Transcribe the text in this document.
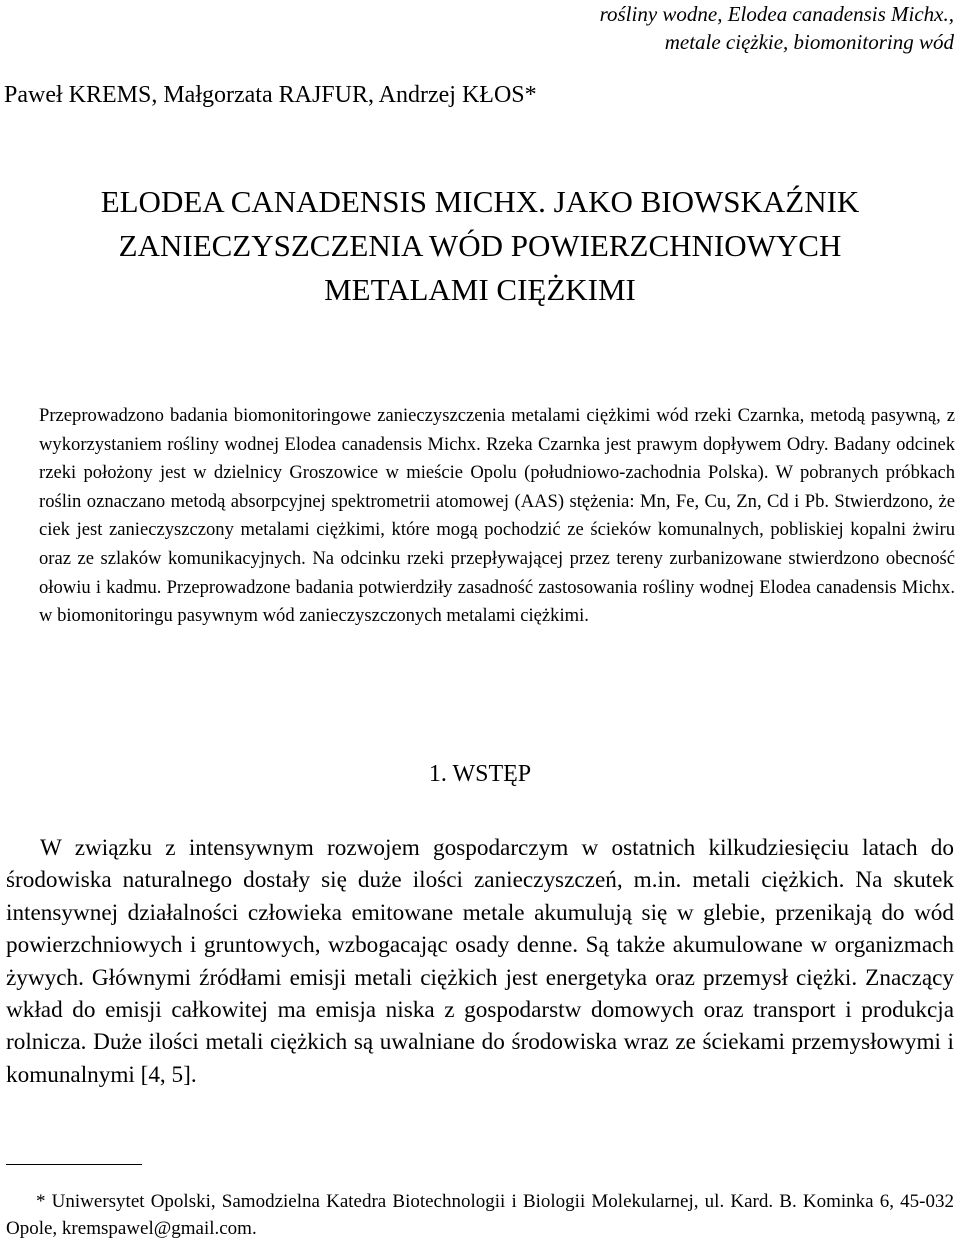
rośliny wodne, Elodea canadensis Michx.,
metale ciężkie, biomonitoring wód
Paweł KREMS, Małgorzata RAJFUR, Andrzej KŁOS*
ELODEA CANADENSIS MICHX. JAKO BIOWSKAŹNIK
ZANIECZYSZCZENIA WÓD POWIERZCHNIOWYCH
METALAMI CIĘŻKIMI

Przeprowadzono badania biomonitoringowe zanieczyszczenia metalami ciężkimi wód rzeki Czarnka, metodą pasywną, z wykorzystaniem rośliny wodnej Elodea canadensis Michx. Rzeka Czarnka jest prawym dopływem Odry. Badany odcinek rzeki położony jest w dzielnicy Groszowice w mieście Opolu (południowo-zachodnia Polska). W pobranych próbkach roślin oznaczano metodą absorpcyjnej spektrometrii atomowej (AAS) stężenia: Mn, Fe, Cu, Zn, Cd i Pb. Stwierdzono, że ciek jest zanieczyszczony metalami ciężkimi, które mogą pochodzić ze ścieków komunalnych, pobliskiej kopalni żwiru oraz ze szlaków komunikacyjnych. Na odcinku rzeki przepływającej przez tereny zurbanizowane stwierdzono obecność ołowiu i kadmu. Przeprowadzone badania potwierdziły zasadność zastosowania rośliny wodnej Elodea canadensis Michx. w biomonitoringu pasywnym wód zanieczyszczonych metalami ciężkimi.

1. WSTĘP

W związku z intensywnym rozwojem gospodarczym w ostatnich kilkudziesięciu latach do środowiska naturalnego dostały się duże ilości zanieczyszczeń, m.in. metali ciężkich. Na skutek intensywnej działalności człowieka emitowane metale akumulują się w glebie, przenikają do wód powierzchniowych i gruntowych, wzbogacając osady denne. Są także akumulowane w organizmach żywych. Głównymi źródłami emisji metali ciężkich jest energetyka oraz przemysł ciężki. Znaczący wkład do emisji całkowitej ma emisja niska z gospodarstw domowych oraz transport i produkcja rolnicza. Duże ilości metali ciężkich są uwalniane do środowiska wraz ze ściekami przemysłowymi i komunalnymi [4, 5].

* Uniwersytet Opolski, Samodzielna Katedra Biotechnologii i Biologii Molekularnej, ul. Kard. B. Kominka 6, 45-032 Opole, kremspawel@gmail.com.
